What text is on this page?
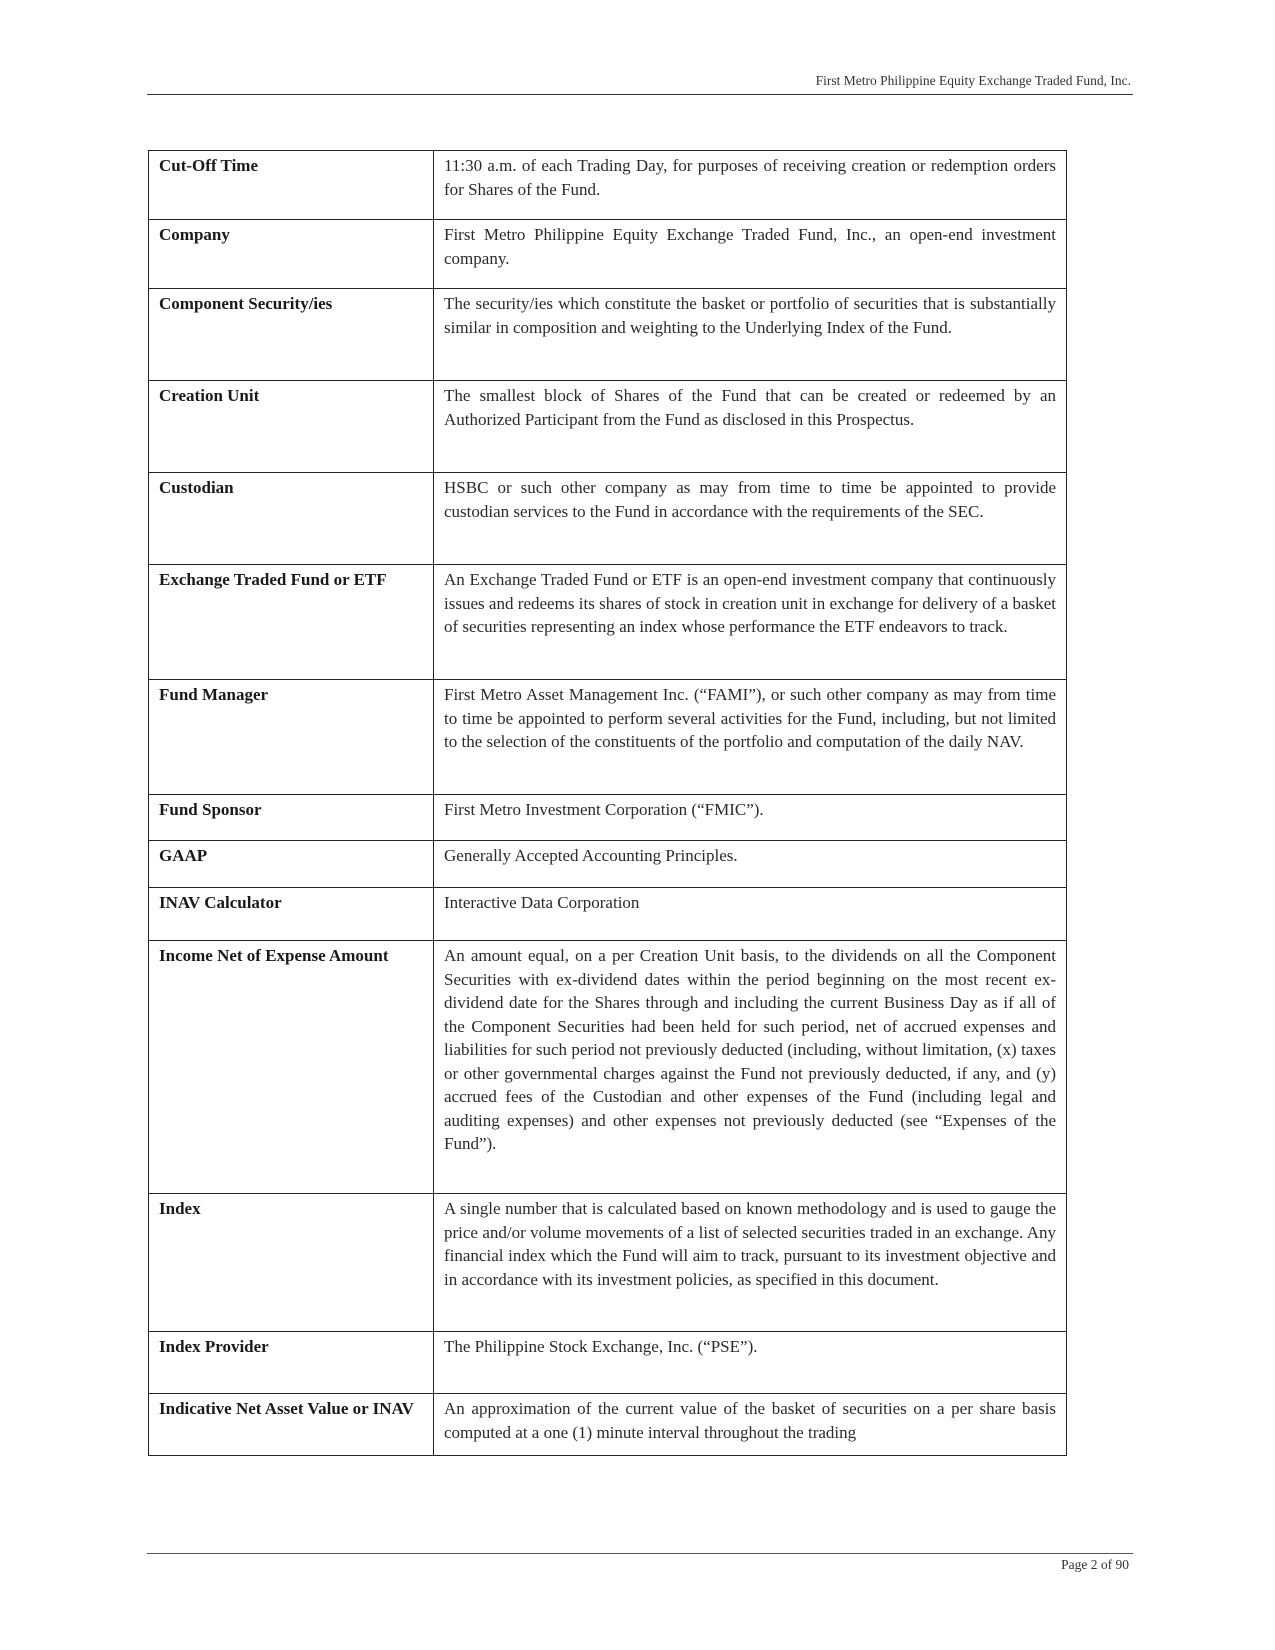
First Metro Philippine Equity Exchange Traded Fund, Inc.
Cut-Off Time	11:30 a.m. of each Trading Day, for purposes of receiving creation or redemption orders for Shares of the Fund.
Company	First Metro Philippine Equity Exchange Traded Fund, Inc., an open-end investment company.
Component Security/ies	The security/ies which constitute the basket or portfolio of securities that is substantially similar in composition and weighting to the Underlying Index of the Fund.
Creation Unit	The smallest block of Shares of the Fund that can be created or redeemed by an Authorized Participant from the Fund as disclosed in this Prospectus.
Custodian	HSBC or such other company as may from time to time be appointed to provide custodian services to the Fund in accordance with the requirements of the SEC.
Exchange Traded Fund or ETF	An Exchange Traded Fund or ETF is an open-end investment company that continuously issues and redeems its shares of stock in creation unit in exchange for delivery of a basket of securities representing an index whose performance the ETF endeavors to track.
Fund Manager	First Metro Asset Management Inc. (“FAMI”), or such other company as may from time to time be appointed to perform several activities for the Fund, including, but not limited to the selection of the constituents of the portfolio and computation of the daily NAV.
Fund Sponsor	First Metro Investment Corporation (“FMIC”).
GAAP	Generally Accepted Accounting Principles.
INAV Calculator	Interactive Data Corporation
Income Net of Expense Amount	An amount equal, on a per Creation Unit basis, to the dividends on all the Component Securities with ex-dividend dates within the period beginning on the most recent ex-dividend date for the Shares through and including the current Business Day as if all of the Component Securities had been held for such period, net of accrued expenses and liabilities for such period not previously deducted (including, without limitation, (x) taxes or other governmental charges against the Fund not previously deducted, if any, and (y) accrued fees of the Custodian and other expenses of the Fund (including legal and auditing expenses) and other expenses not previously deducted (see “Expenses of the Fund”).
Index	A single number that is calculated based on known methodology and is used to gauge the price and/or volume movements of a list of selected securities traded in an exchange. Any financial index which the Fund will aim to track, pursuant to its investment objective and in accordance with its investment policies, as specified in this document.
Index Provider	The Philippine Stock Exchange, Inc. (“PSE”).
Indicative Net Asset Value or INAV	An approximation of the current value of the basket of securities on a per share basis computed at a one (1) minute interval throughout the trading
Page 2 of 90
